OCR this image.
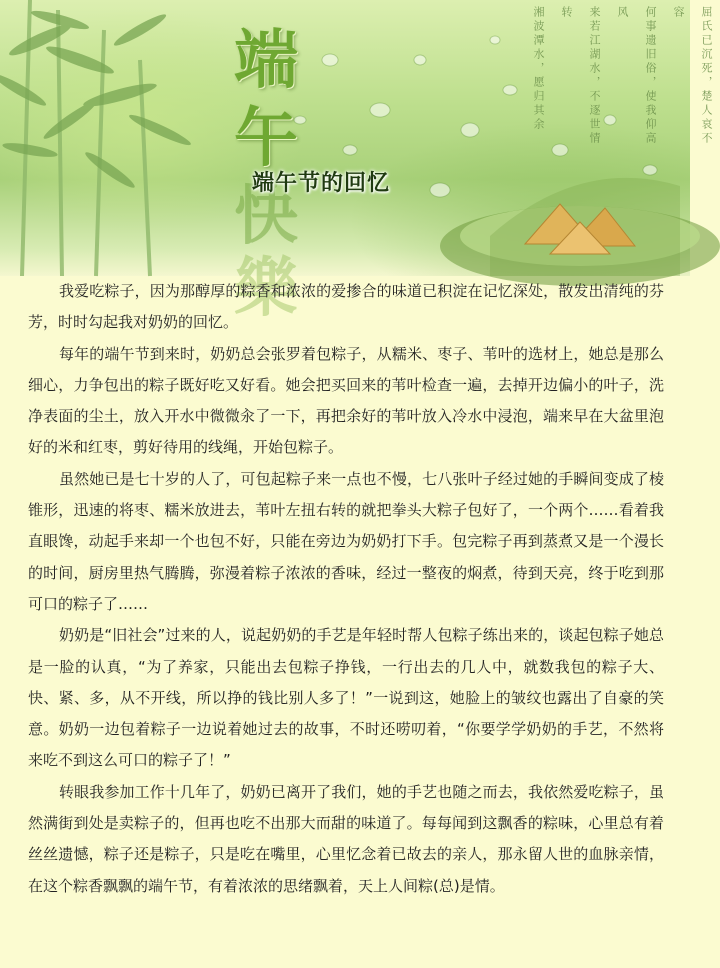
端
午
快
樂
屈氏已沉死，楚人哀不容
何事遗旧俗，使我仰高风
来若江湖水，不逐世情转
湘波潭水，愿归其余
端午节的回忆

我爱吃粽子，因为那醇厚的粽香和浓浓的爱掺合的味道已积淀在记忆深处，散发出清纯的芬芳，时时勾起我对奶奶的回忆。

每年的端午节到来时，奶奶总会张罗着包粽子，从糯米、枣子、苇叶的选材上，她总是那么细心，力争包出的粽子既好吃又好看。她会把买回来的苇叶检查一遍，去掉开边偏小的叶子，洗净表面的尘土，放入开水中微微汆了一下，再把余好的苇叶放入冷水中浸泡，端来早在大盆里泡好的米和红枣，剪好待用的线绳，开始包粽子。

虽然她已是七十岁的人了，可包起粽子来一点也不慢，七八张叶子经过她的手瞬间变成了棱锥形，迅速的将枣、糯米放进去，苇叶左扭右转的就把拳头大粽子包好了，一个两个……看着我直眼馋，动起手来却一个也包不好，只能在旁边为奶奶打下手。包完粽子再到蒸煮又是一个漫长的时间，厨房里热气腾腾，弥漫着粽子浓浓的香味，经过一整夜的焖煮，待到天亮，终于吃到那可口的粽子了……

奶奶是“旧社会”过来的人，说起奶奶的手艺是年轻时帮人包粽子练出来的，谈起包粽子她总是一脸的认真，“为了养家，只能出去包粽子挣钱，一行出去的几人中，就数我包的粽子大、快、紧、多，从不开线，所以挣的钱比别人多了！”一说到这，她脸上的皱纹也露出了自豪的笑意。奶奶一边包着粽子一边说着她过去的故事，不时还唠叨着，“你要学学奶奶的手艺，不然将来吃不到这么可口的粽子了！”

转眼我参加工作十几年了，奶奶已离开了我们，她的手艺也随之而去，我依然爱吃粽子，虽然满街到处是卖粽子的，但再也吃不出那大而甜的味道了。每每闻到这飘香的粽味，心里总有着丝丝遗憾，粽子还是粽子，只是吃在嘴里，心里忆念着已故去的亲人，那永留人世的血脉亲情，在这个粽香飘飘的端午节，有着浓浓的思绪飘着，天上人间粽(总)是情。
